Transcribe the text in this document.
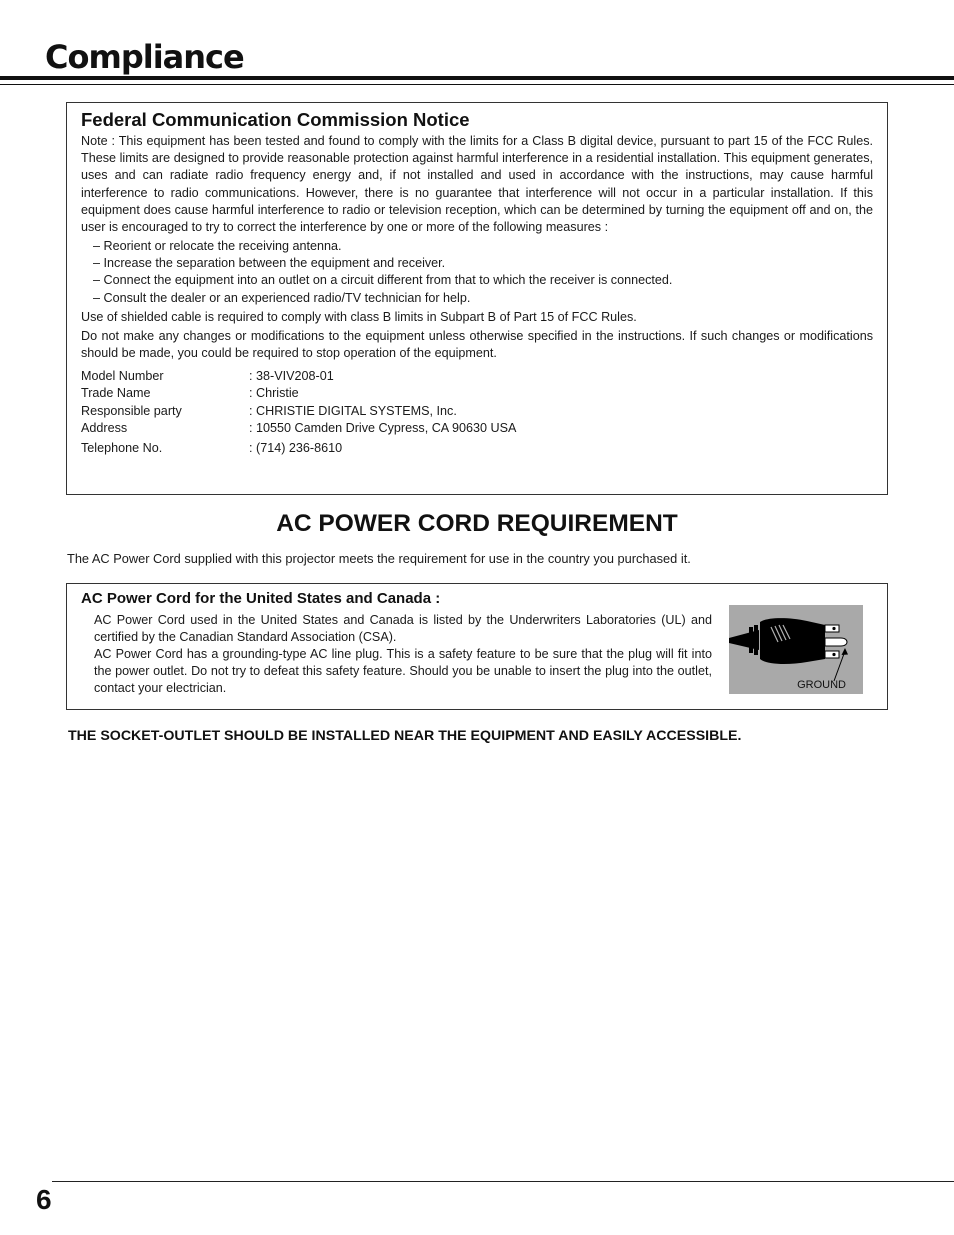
Compliance
Federal Communication Commission Notice

Note : This equipment has been tested and found to comply with the limits for a Class B digital device, pursuant to part 15 of the FCC Rules. These limits are designed to provide reasonable protection against harmful interference in a residential installation. This equipment generates, uses and can radiate radio frequency energy and, if not installed and used in accordance with the instructions, may cause harmful interference to radio communications. However, there is no guarantee that interference will not occur in a particular installation. If this equipment does cause harmful interference to radio or television reception, which can be determined by turning the equipment off and on, the user is encouraged to try to correct the interference by one or more of the following measures :

– Reorient or relocate the receiving antenna.
– Increase the separation between the equipment and receiver.
– Connect the equipment into an outlet on a circuit different from that to which the receiver is connected.
– Consult the dealer or an experienced radio/TV technician for help.

Use of shielded cable is required to comply with class B limits in Subpart B of Part 15 of FCC Rules.

Do not make any changes or modifications to the equipment unless otherwise specified in the instructions. If such changes or modifications should be made, you could be required to stop operation of the equipment.

Model Number	: 38-VIV208-01
Trade Name	: Christie
Responsible party	: CHRISTIE DIGITAL SYSTEMS, Inc.
Address	: 10550 Camden Drive Cypress, CA 90630 USA
Telephone No.	: (714) 236-8610
AC POWER CORD REQUIREMENT

The AC Power Cord supplied with this projector meets the requirement for use in the country you purchased it.

AC Power Cord for the United States and Canada :

AC Power Cord used in the United States and Canada is listed by the Underwriters Laboratories (UL) and certified by the Canadian Standard Association (CSA).

AC Power Cord has a grounding-type AC line plug. This is a safety feature to be sure that the plug will fit into the power outlet. Do not try to defeat this safety feature. Should you be unable to insert the plug into the outlet, contact your electrician.	GROUND

THE SOCKET-OUTLET SHOULD BE INSTALLED NEAR THE EQUIPMENT AND EASILY ACCESSIBLE.

6
